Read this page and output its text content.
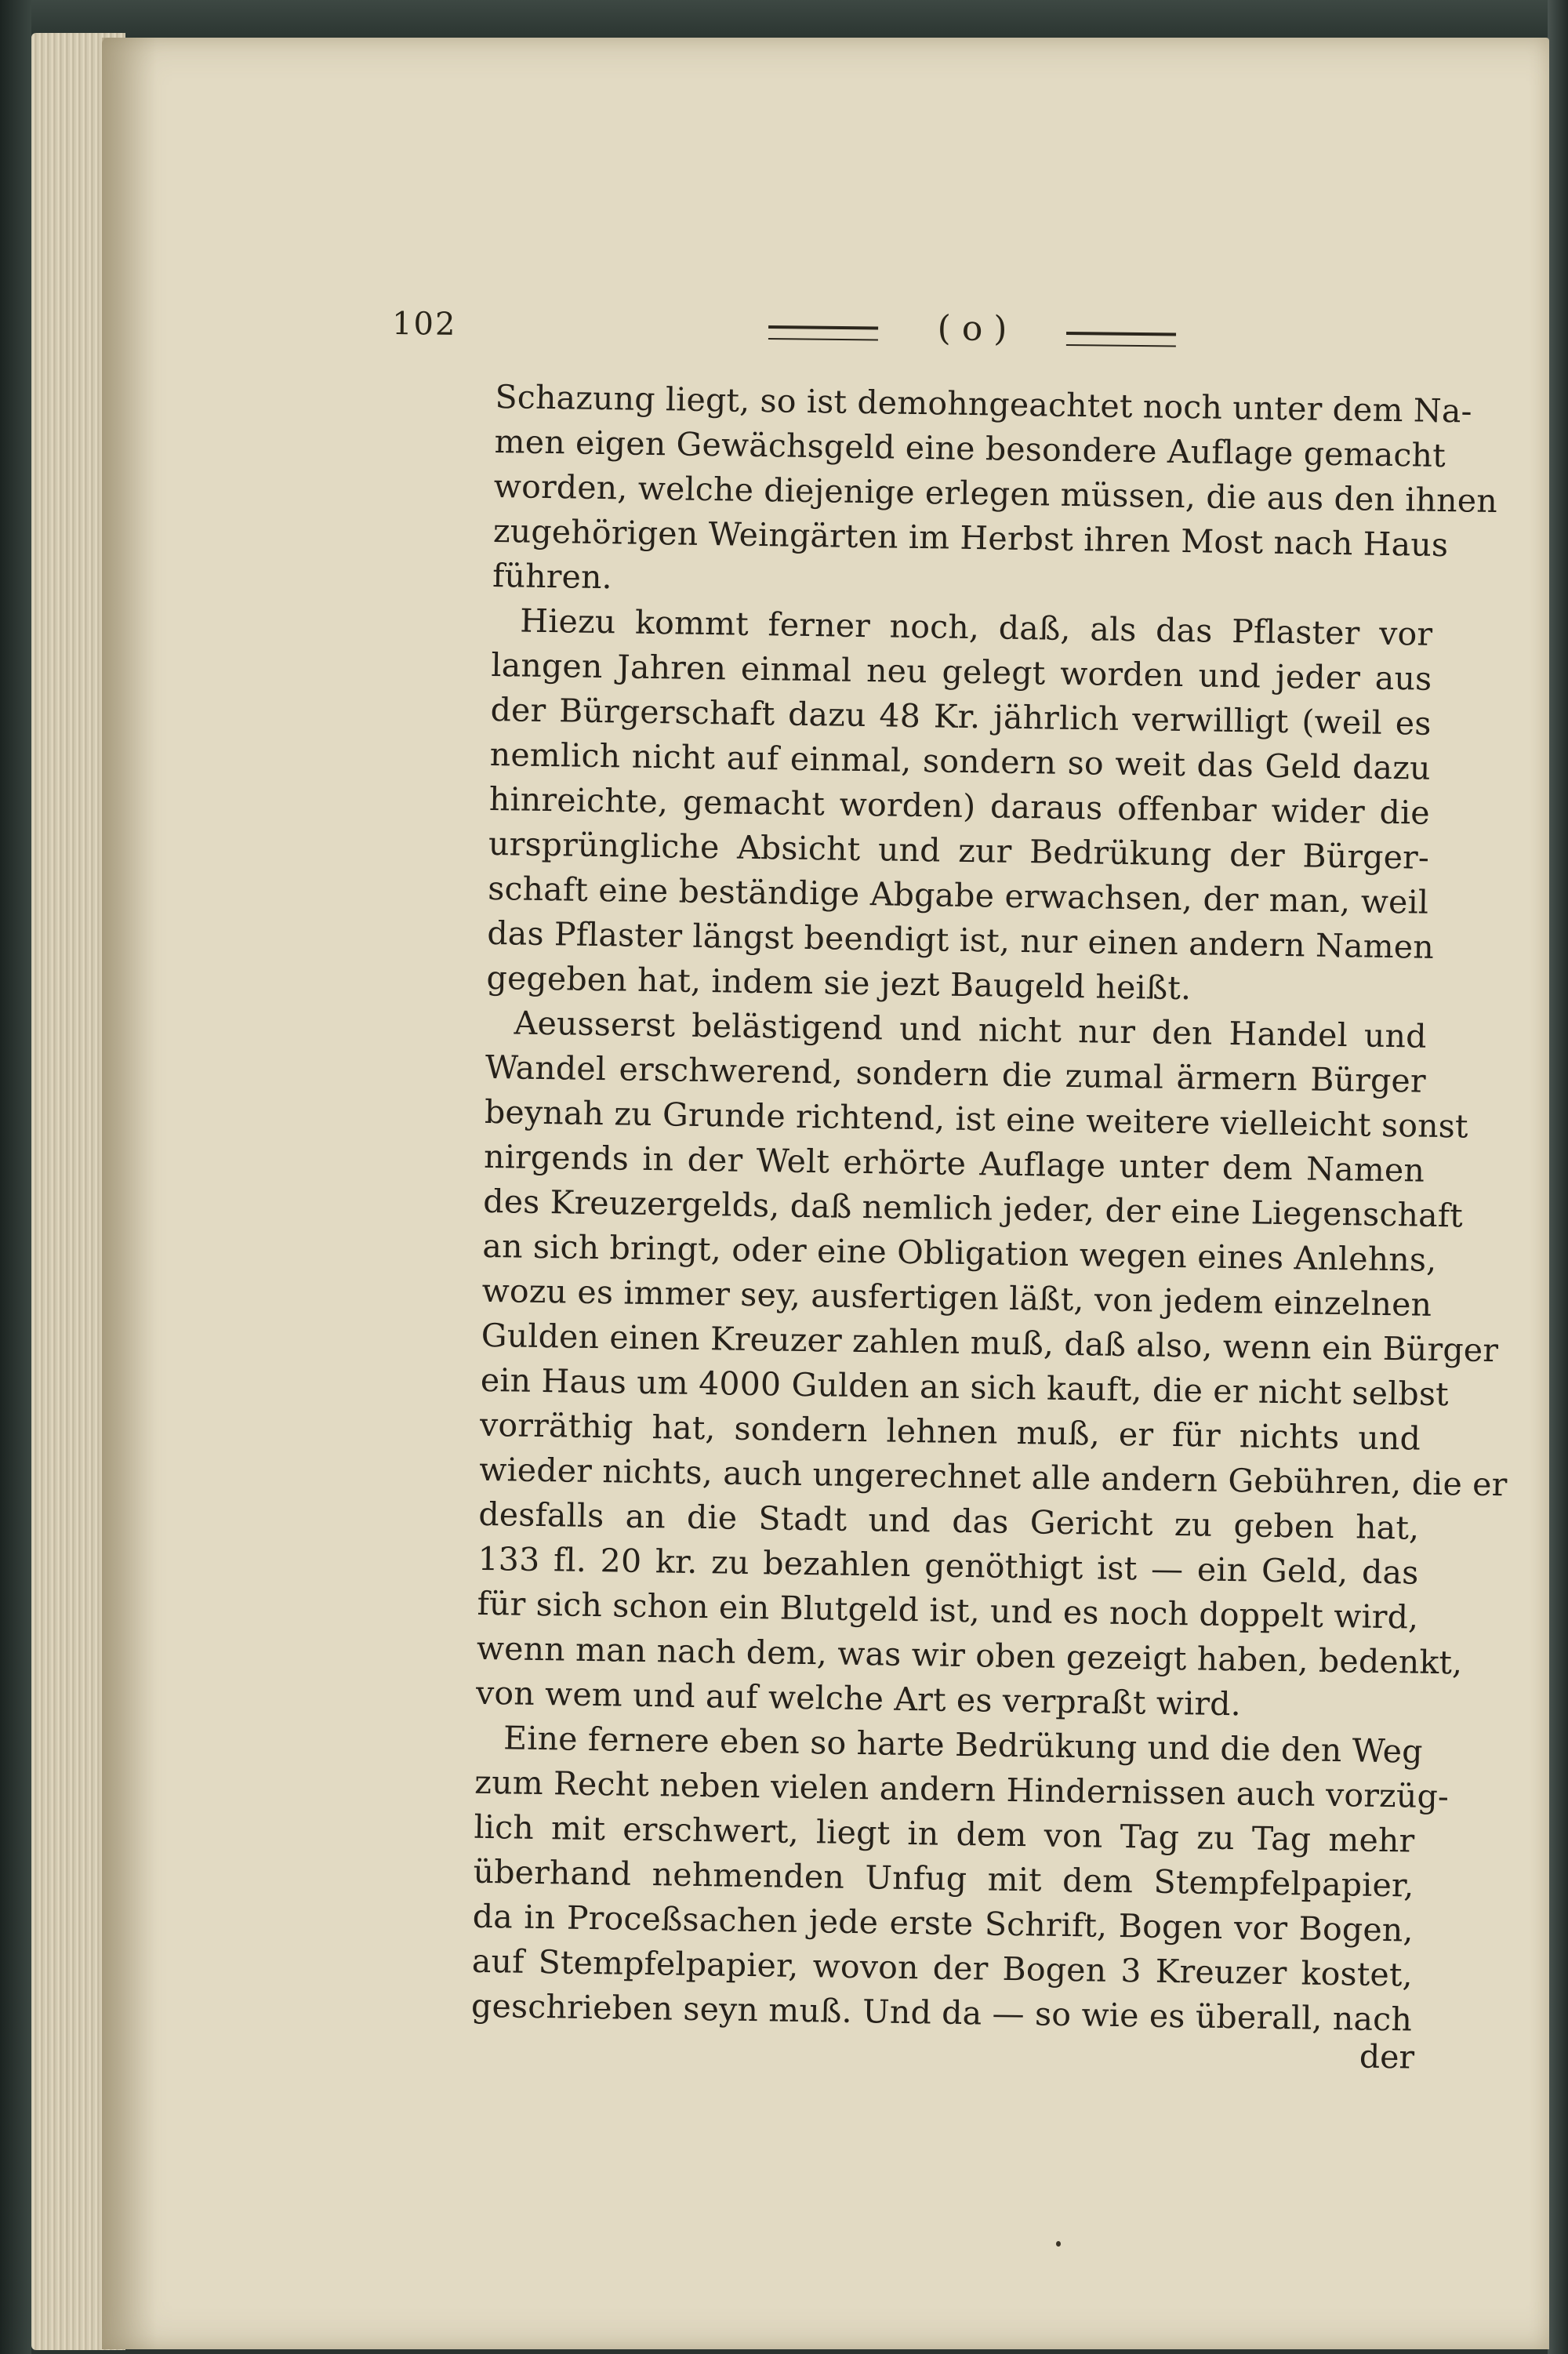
102	( o )
Schazung liegt, so ist demohngeachtet noch unter dem Na-
men eigen Gewächsgeld eine besondere Auflage gemacht
worden, welche diejenige erlegen müssen, die aus den ihnen
zugehörigen Weingärten im Herbst ihren Most nach Haus
führen.
Hiezu kommt ferner noch, daß, als das Pflaster vor
langen Jahren einmal neu gelegt worden und jeder aus
der Bürgerschaft dazu 48 Kr. jährlich verwilligt (weil es
nemlich nicht auf einmal, sondern so weit das Geld dazu
hinreichte, gemacht worden) daraus offenbar wider die
ursprüngliche Absicht und zur Bedrükung der Bürger-
schaft eine beständige Abgabe erwachsen, der man, weil
das Pflaster längst beendigt ist, nur einen andern Namen
gegeben hat, indem sie jezt Baugeld heißt.
Aeusserst belästigend und nicht nur den Handel und
Wandel erschwerend, sondern die zumal ärmern Bürger
beynah zu Grunde richtend, ist eine weitere vielleicht sonst
nirgends in der Welt erhörte Auflage unter dem Namen
des Kreuzergelds, daß nemlich jeder, der eine Liegenschaft
an sich bringt, oder eine Obligation wegen eines Anlehns,
wozu es immer sey, ausfertigen läßt, von jedem einzelnen
Gulden einen Kreuzer zahlen muß, daß also, wenn ein Bürger
ein Haus um 4000 Gulden an sich kauft, die er nicht selbst
vorräthig hat, sondern lehnen muß, er für nichts und
wieder nichts, auch ungerechnet alle andern Gebühren, die er
desfalls an die Stadt und das Gericht zu geben hat,
133 fl. 20 kr. zu bezahlen genöthigt ist — ein Geld, das
für sich schon ein Blutgeld ist, und es noch doppelt wird,
wenn man nach dem, was wir oben gezeigt haben, bedenkt,
von wem und auf welche Art es verpraßt wird.
Eine fernere eben so harte Bedrükung und die den Weg
zum Recht neben vielen andern Hindernissen auch vorzüg-
lich mit erschwert, liegt in dem von Tag zu Tag mehr
überhand nehmenden Unfug mit dem Stempfelpapier,
da in Proceßsachen jede erste Schrift, Bogen vor Bogen,
auf Stempfelpapier, wovon der Bogen 3 Kreuzer kostet,
geschrieben seyn muß. Und da — so wie es überall, nach
der
